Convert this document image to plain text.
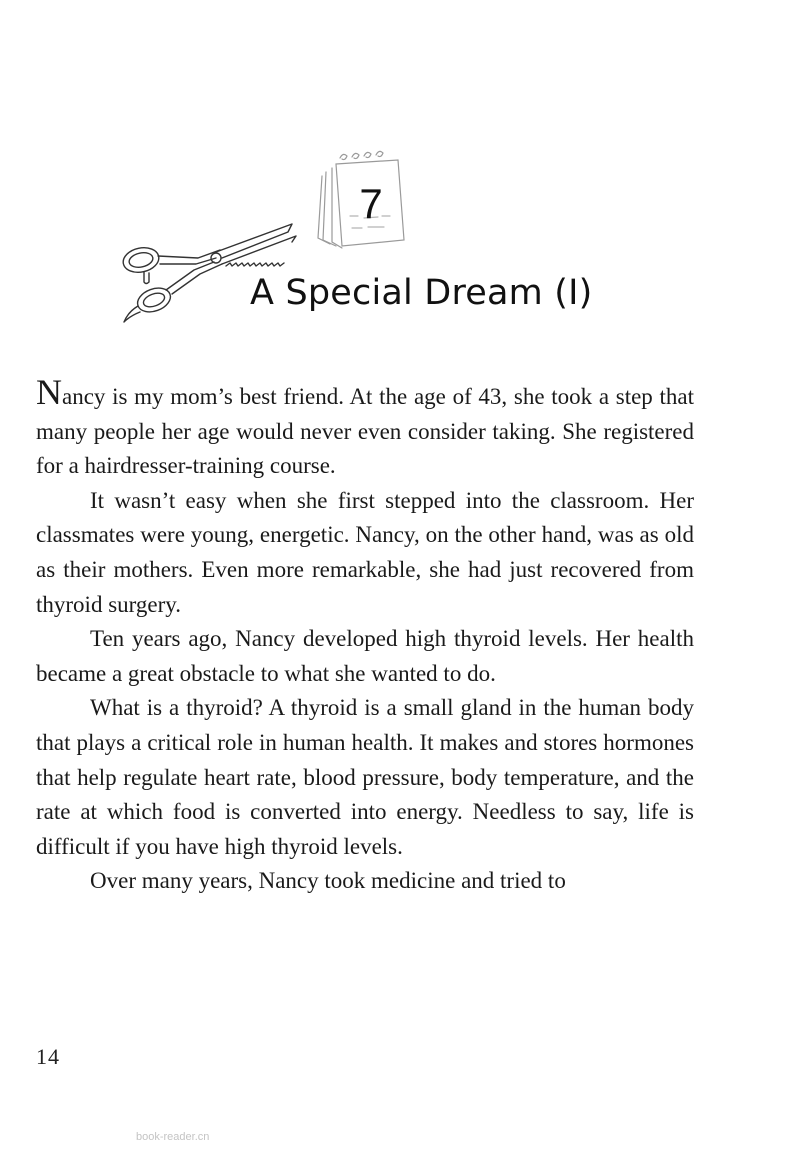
7
A Special Dream (I)

Nancy is my mom’s best friend. At the age of 43, she took a step that many people her age would never even consider taking. She registered for a hairdresser-training course.

It wasn’t easy when she first stepped into the classroom. Her classmates were young, energetic. Nancy, on the other hand, was as old as their mothers. Even more remarkable, she had just recovered from thyroid surgery.

Ten years ago, Nancy developed high thyroid levels. Her health became a great obstacle to what she wanted to do.

What is a thyroid? A thyroid is a small gland in the human body that plays a critical role in human health. It makes and stores hormones that help regulate heart rate, blood pressure, body temperature, and the rate at which food is converted into energy. Needless to say, life is difficult if you have high thyroid levels.

Over many years, Nancy took medicine and tried to

14
book-reader.cn
